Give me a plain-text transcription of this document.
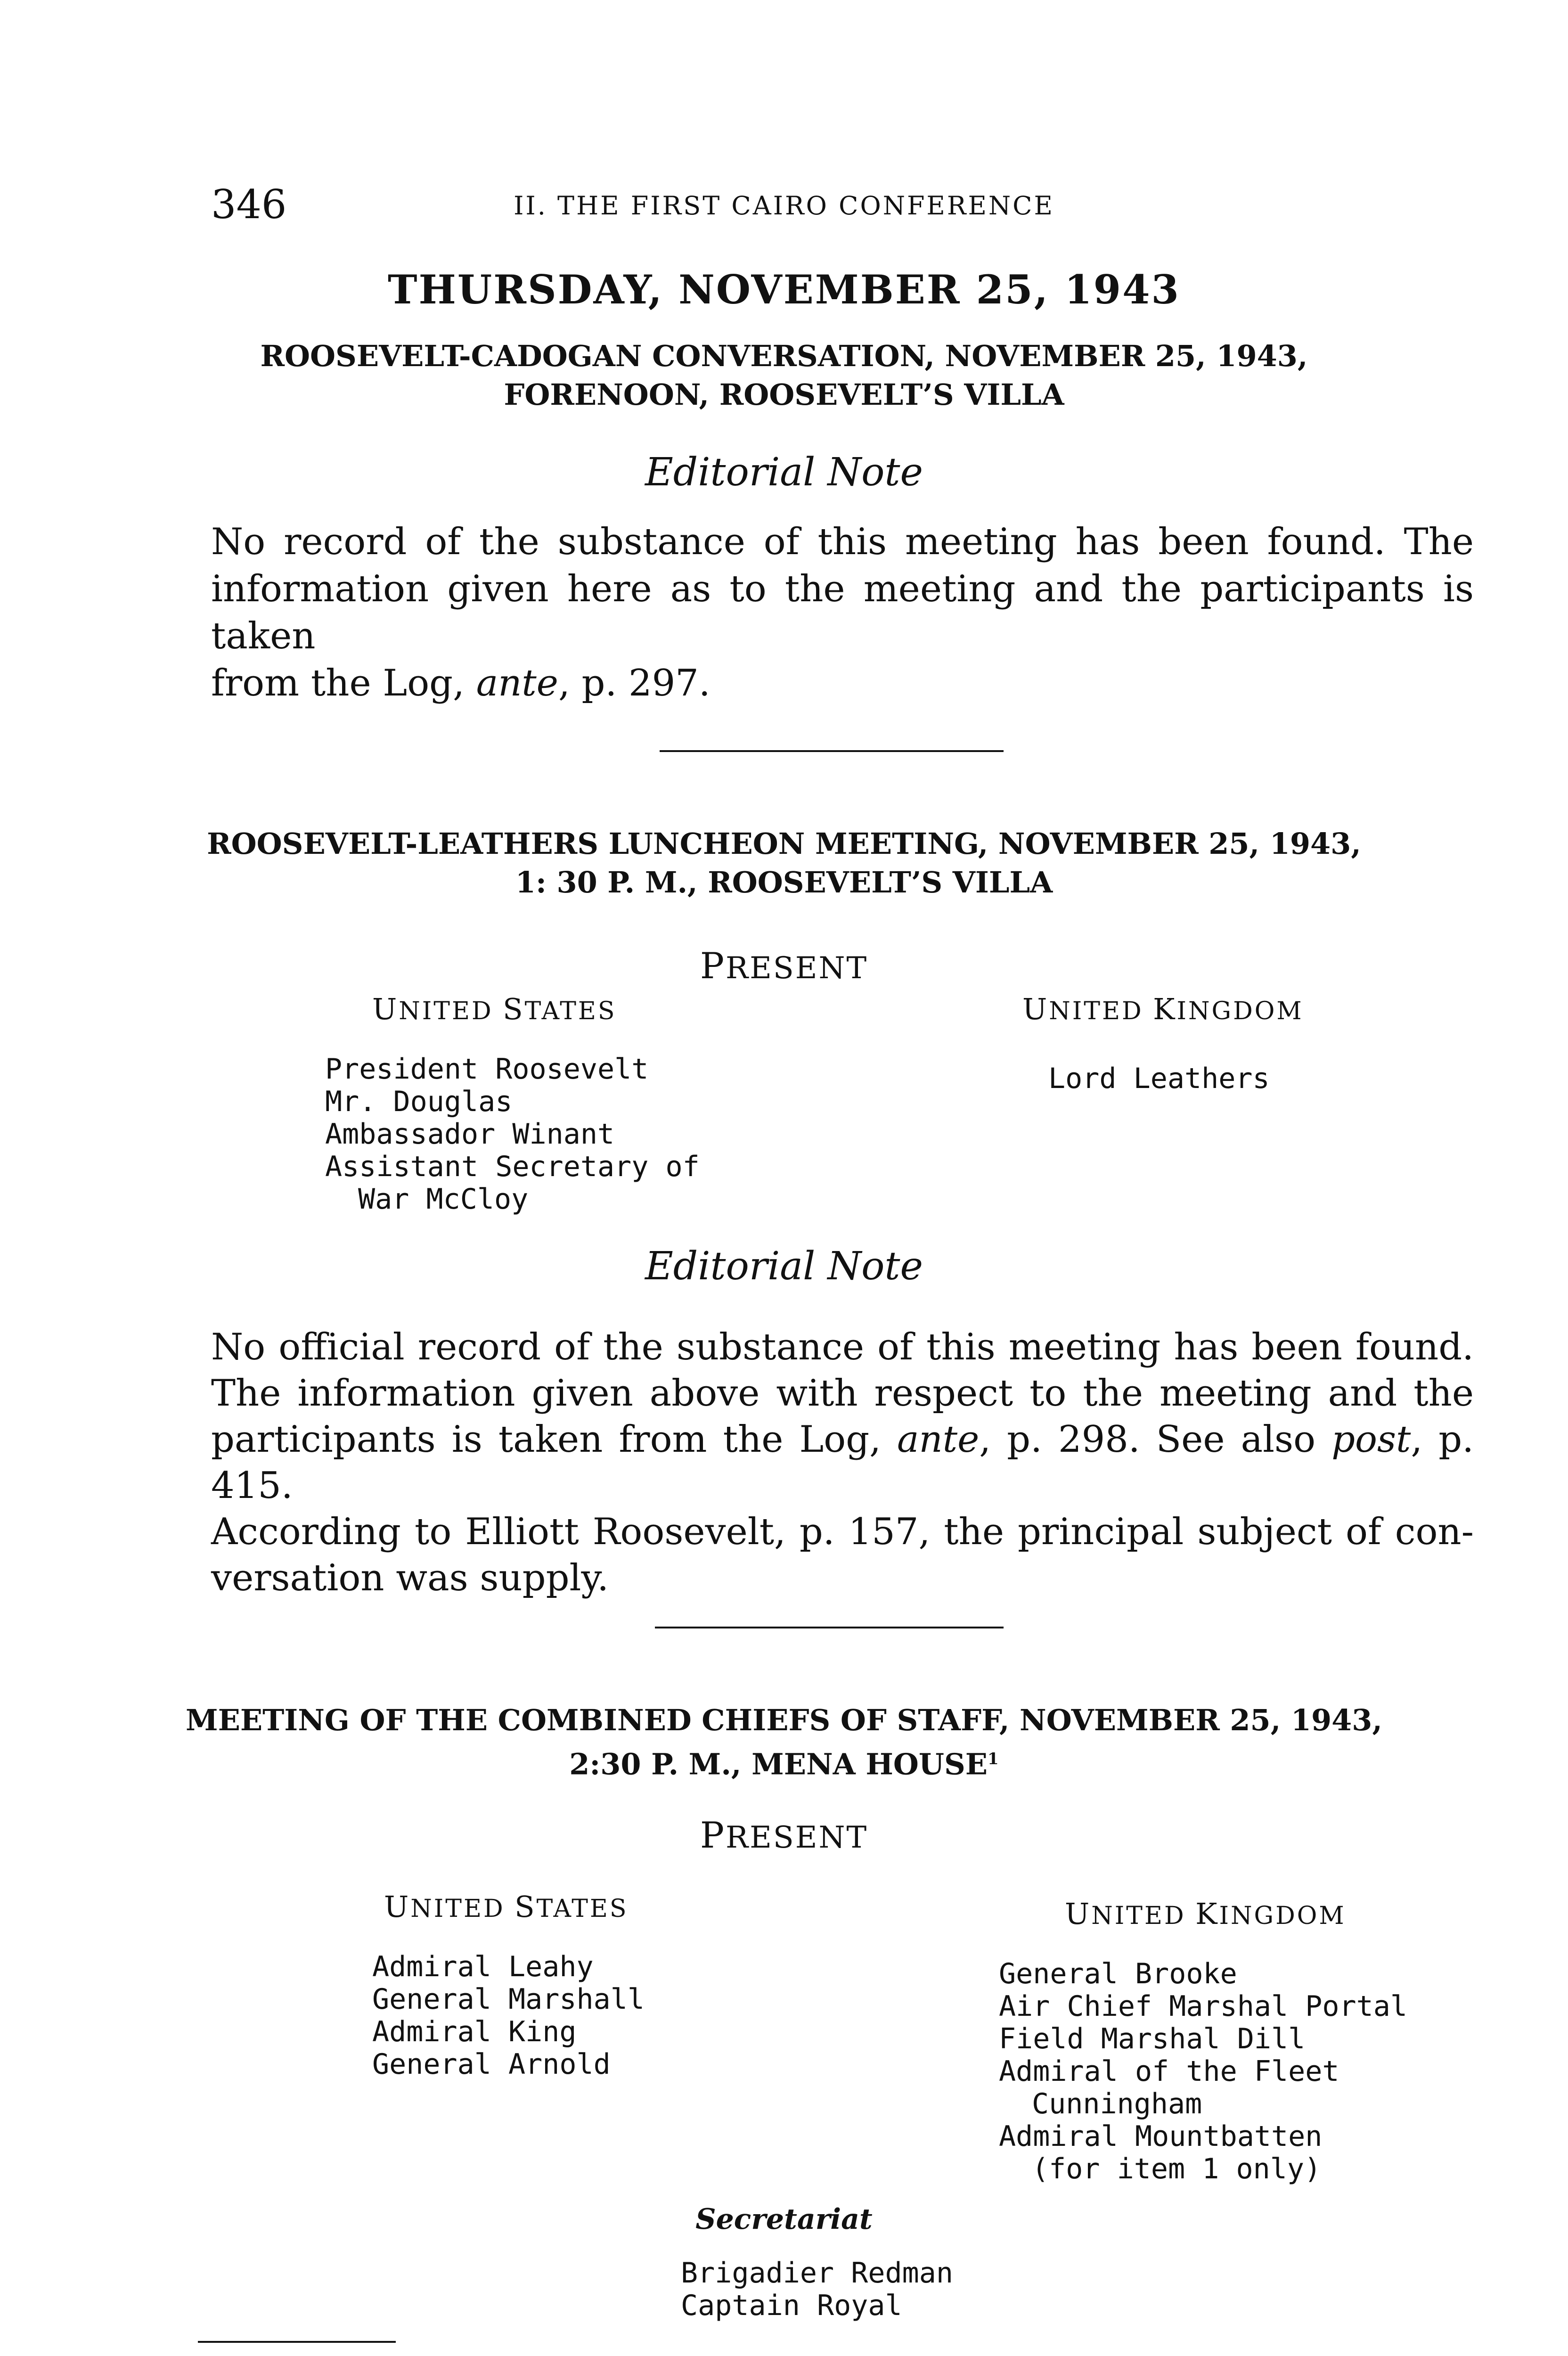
346	II. THE FIRST CAIRO CONFERENCE
THURSDAY, NOVEMBER 25, 1943
ROOSEVELT-CADOGAN CONVERSATION, NOVEMBER 25, 1943,
FORENOON, ROOSEVELT’S VILLA
Editorial Note
No record of the substance of this meeting has been found. The
information given here as to the meeting and the participants is taken
from the Log, ante, p. 297.
ROOSEVELT-LEATHERS LUNCHEON MEETING, NOVEMBER 25, 1943,
1: 30 P. M., ROOSEVELT’S VILLA
PRESENT
UNITED STATES
President Roosevelt
Mr. Douglas
Ambassador Winant
Assistant Secretary of
War McCloy
UNITED KINGDOM
Lord Leathers
Editorial Note
No official record of the substance of this meeting has been found.
The information given above with respect to the meeting and the
participants is taken from the Log, ante, p. 298. See also post, p. 415.
According to Elliott Roosevelt, p. 157, the principal subject of con-
versation was supply.
MEETING OF THE COMBINED CHIEFS OF STAFF, NOVEMBER 25, 1943,
2:30 P. M., MENA HOUSE$^1$
PRESENT
UNITED STATES
Admiral Leahy
General Marshall
Admiral King
General Arnold
UNITED KINGDOM
General Brooke
Air Chief Marshal Portal
Field Marshal Dill
Admiral of the Fleet
Cunningham
Admiral Mountbatten
(for item 1 only)
Secretariat
Brigadier Redman
Captain Royal
